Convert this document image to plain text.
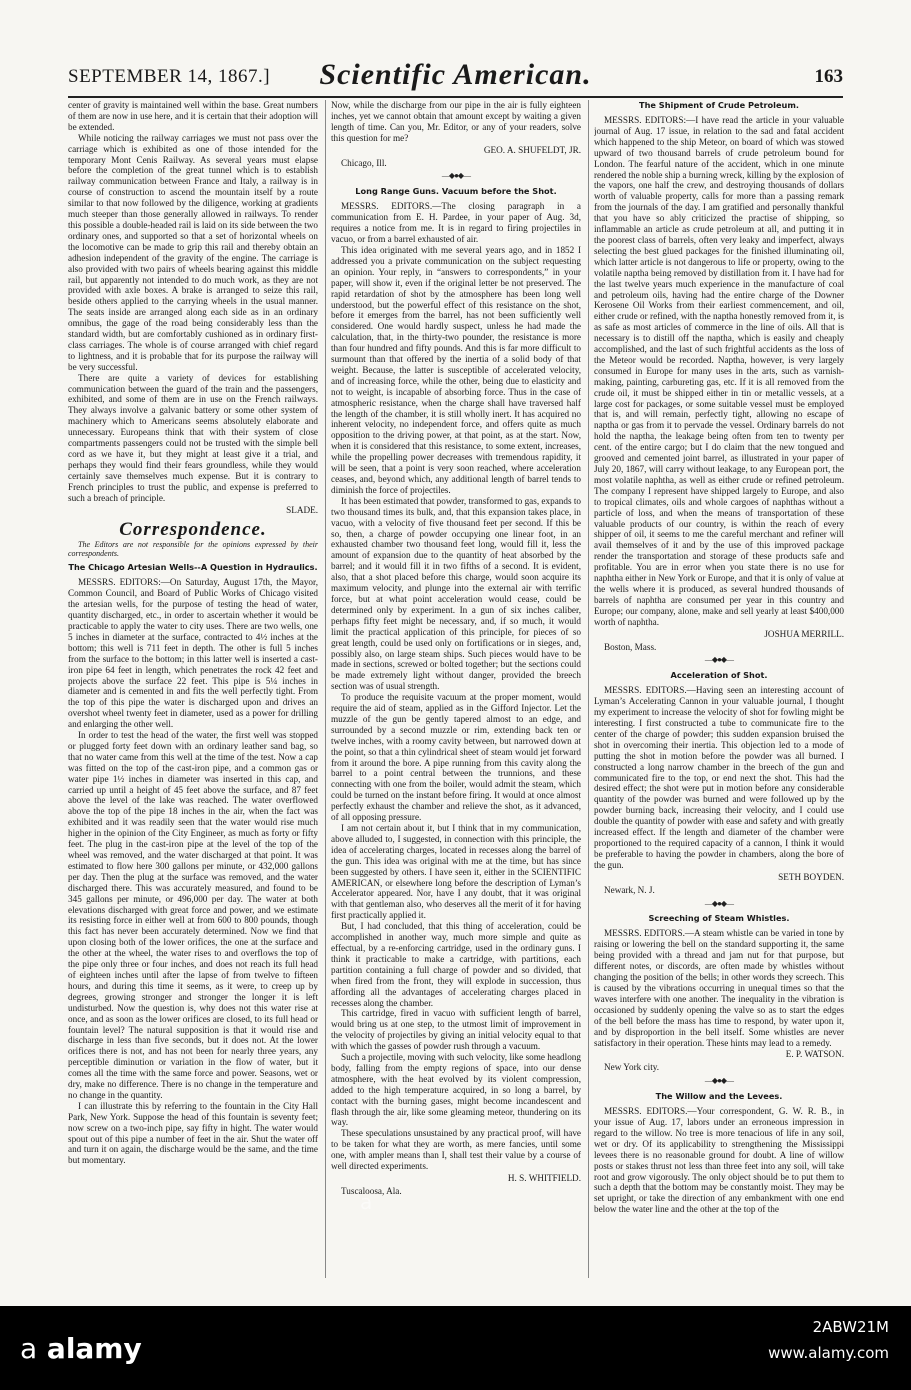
SEPTEMBER 14, 1867.]	Scientific American.	163

center of gravity is maintained well within the base. Great numbers of them are now in use here, and it is certain that their adoption will be extended.

While noticing the railway carriages we must not pass over the carriage which is exhibited as one of those intended for the temporary Mont Cenis Railway. As several years must elapse before the completion of the great tunnel which is to establish railway communication between France and Italy, a railway is in course of construction to ascend the mountain itself by a route similar to that now followed by the diligence, working at gradients much steeper than those generally allowed in railways. To render this possible a double-headed rail is laid on its side between the two ordinary ones, and supported so that a set of horizontal wheels on the locomotive can be made to grip this rail and thereby obtain an adhesion independent of the gravity of the engine. The carriage is also provided with two pairs of wheels bearing against this middle rail, but apparently not intended to do much work, as they are not provided with axle boxes. A brake is arranged to seize this rail, beside others applied to the carrying wheels in the usual manner. The seats inside are arranged along each side as in an ordinary omnibus, the gage of the road being considerably less than the standard width, but are comfortably cushioned as in ordinary first-class carriages. The whole is of course arranged with chief regard to lightness, and it is probable that for its purpose the railway will be very successful.

There are quite a variety of devices for establishing communication between the guard of the train and the passengers, exhibited, and some of them are in use on the French railways. They always involve a galvanic battery or some other system of machinery which to Americans seems absolutely elaborate and unnecessary. Europeans think that with their system of close compartments passengers could not be trusted with the simple bell cord as we have it, but they might at least give it a trial, and perhaps they would find their fears groundless, while they would certainly save themselves much expense. But it is contrary to French principles to trust the public, and expense is preferred to such a breach of principle.

SLADE.
Correspondence.

The Editors are not responsible for the opinions expressed by their correspondents.

The Chicago Artesian Wells--A Question in Hydraulics.

MESSRS. EDITORS:—On Saturday, August 17th, the Mayor, Common Council, and Board of Public Works of Chicago visited the artesian wells, for the purpose of testing the head of water, quantity discharged, etc., in order to ascertain whether it would be practicable to apply the water to city uses. There are two wells, one 5 inches in diameter at the surface, contracted to 4½ inches at the bottom; this well is 711 feet in depth. The other is full 5 inches from the surface to the bottom; in this latter well is inserted a cast-iron pipe 64 feet in length, which penetrates the rock 42 feet and projects above the surface 22 feet. This pipe is 5¼ inches in diameter and is cemented in and fits the well perfectly tight. From the top of this pipe the water is discharged upon and drives an overshot wheel twenty feet in diameter, used as a power for drilling and enlarging the other well.

In order to test the head of the water, the first well was stopped or plugged forty feet down with an ordinary leather sand bag, so that no water came from this well at the time of the test. Now a cap was fitted on the top of the cast-iron pipe, and a common gas or water pipe 1½ inches in diameter was inserted in this cap, and carried up until a height of 45 feet above the surface, and 87 feet above the level of the lake was reached. The water overflowed above the top of the pipe 18 inches in the air, when the fact was exhibited and it was readily seen that the water would rise much higher in the opinion of the City Engineer, as much as forty or fifty feet. The plug in the cast-iron pipe at the level of the top of the wheel was removed, and the water discharged at that point. It was estimated to flow here 300 gallons per minute, or 432,000 gallons per day. Then the plug at the surface was removed, and the water discharged there. This was accurately measured, and found to be 345 gallons per minute, or 496,000 per day. The water at both elevations discharged with great force and power, and we estimate its resisting force in either well at from 600 to 800 pounds, though this fact has never been accurately determined. Now we find that upon closing both of the lower orifices, the one at the surface and the other at the wheel, the water rises to and overflows the top of the pipe only three or four inches, and does not reach its full head of eighteen inches until after the lapse of from twelve to fifteen hours, and during this time it seems, as it were, to creep up by degrees, growing stronger and stronger the longer it is left undisturbed. Now the question is, why does not this water rise at once, and as soon as the lower orifices are closed, to its full head or fountain level? The natural supposition is that it would rise and discharge in less than five seconds, but it does not. At the lower orifices there is not, and has not been for nearly three years, any perceptible diminution or variation in the flow of water, but it comes all the time with the same force and power. Seasons, wet or dry, make no difference. There is no change in the temperature and no change in the quantity.

I can illustrate this by referring to the fountain in the City Hall Park, New York. Suppose the head of this fountain is seventy feet; now screw on a two-inch pipe, say fifty in hight. The water would spout out of this pipe a number of feet in the air. Shut the water off and turn it on again, the discharge would be the same, and the time but momentary.

Now, while the discharge from our pipe in the air is fully eighteen inches, yet we cannot obtain that amount except by waiting a given length of time. Can you, Mr. Editor, or any of your readers, solve this question for me?

GEO. A. SHUFELDT, JR.

Chicago, Ill.

—◆●◆—
Long Range Guns. Vacuum before the Shot.

MESSRS. EDITORS.—The closing paragraph in a communication from E. H. Pardee, in your paper of Aug. 3d, requires a notice from me. It is in regard to firing projectiles in vacuo, or from a barrel exhausted of air.

This idea originated with me several years ago, and in 1852 I addressed you a private communication on the subject requesting an opinion. Your reply, in “answers to correspondents,” in your paper, will show it, even if the original letter be not preserved. The rapid retardation of shot by the atmosphere has been long well understood, but the powerful effect of this resistance on the shot, before it emerges from the barrel, has not been sufficiently well considered. One would hardly suspect, unless he had made the calculation, that, in the thirty-two pounder, the resistance is more than four hundred and fifty pounds. And this is far more difficult to surmount than that offered by the inertia of a solid body of that weight. Because, the latter is susceptible of accelerated velocity, and of increasing force, while the other, being due to elasticity and not to weight, is incapable of absorbing force. Thus in the case of atmospheric resistance, when the charge shall have traversed half the length of the chamber, it is still wholly inert. It has acquired no inherent velocity, no independent force, and offers quite as much opposition to the driving power, at that point, as at the start. Now, when it is considered that this resistance, to some extent, increases, while the propelling power decreases with tremendous rapidity, it will be seen, that a point is very soon reached, where acceleration ceases, and, beyond which, any additional length of barrel tends to diminish the force of projectiles.

It has been estimated that powder, transformed to gas, expands to two thousand times its bulk, and, that this expansion takes place, in vacuo, with a velocity of five thousand feet per second. If this be so, then, a charge of powder occupying one linear foot, in an exhausted chamber two thousand feet long, would fill it, less the amount of expansion due to the quantity of heat absorbed by the barrel; and it would fill it in two fifths of a second. It is evident, also, that a shot placed before this charge, would soon acquire its maximum velocity, and plunge into the external air with terrific force, but at what point acceleration would cease, could be determined only by experiment. In a gun of six inches caliber, perhaps fifty feet might be necessary, and, if so much, it would limit the practical application of this principle, for pieces of so great length, could be used only on fortifications or in sieges, and, possibly also, on large steam ships. Such pieces would have to be made in sections, screwed or bolted together; but the sections could be made extremely light without danger, provided the breech section was of usual strength.

To produce the requisite vacuum at the proper moment, would require the aid of steam, applied as in the Gifford Injector. Let the muzzle of the gun be gently tapered almost to an edge, and surrounded by a second muzzle or rim, extending back ten or twelve inches, with a roomy cavity between, but narrowed down at the point, so that a thin cylindrical sheet of steam would jet forward from it around the bore. A pipe running from this cavity along the barrel to a point central between the trunnions, and these connecting with one from the boiler, would admit the steam, which could be turned on the instant before firing. It would at once almost perfectly exhaust the chamber and relieve the shot, as it advanced, of all opposing pressure.

I am not certain about it, but I think that in my communication, above alluded to, I suggested, in connection with this principle, the idea of accelerating charges, located in recesses along the barrel of the gun. This idea was original with me at the time, but has since been suggested by others. I have seen it, either in the SCIENTIFIC AMERICAN, or elsewhere long before the description of Lyman’s Accelerator appeared. Nor, have I any doubt, that it was original with that gentleman also, who deserves all the merit of it for having first practically applied it.

But, I had concluded, that this thing of acceleration, could be accomplished in another way, much more simple and quite as effectual, by a re-enforcing cartridge, used in the ordinary guns. I think it practicable to make a cartridge, with partitions, each partition containing a full charge of powder and so divided, that when fired from the front, they will explode in succession, thus affording all the advantages of accelerating charges placed in recesses along the chamber.

This cartridge, fired in vacuo with sufficient length of barrel, would bring us at one step, to the utmost limit of improvement in the velocity of projectiles by giving an initial velocity equal to that with which the gasses of powder rush through a vacuum.

Such a projectile, moving with such velocity, like some headlong body, falling from the empty regions of space, into our dense atmosphere, with the heat evolved by its violent compression, added to the high temperature acquired, in so long a barrel, by contact with the burning gases, might become incandescent and flash through the air, like some gleaming meteor, thundering on its way.

These speculations unsustained by any practical proof, will have to be taken for what they are worth, as mere fancies, until some one, with ampler means than I, shall test their value by a course of well directed experiments.

H. S. WHITFIELD.

Tuscaloosa, Ala.

The Shipment of Crude Petroleum.

MESSRS. EDITORS:—I have read the article in your valuable journal of Aug. 17 issue, in relation to the sad and fatal accident which happened to the ship Meteor, on board of which was stowed upward of two thousand barrels of crude petroleum bound for London. The fearful nature of the accident, which in one minute rendered the noble ship a burning wreck, killing by the explosion of the vapors, one half the crew, and destroying thousands of dollars worth of valuable property, calls for more than a passing remark from the journals of the day. I am gratified and personally thankful that you have so ably criticized the practise of shipping, so inflammable an article as crude petroleum at all, and putting it in the poorest class of barrels, often very leaky and imperfect, always selecting the best glued packages for the finished illuminating oil, which latter article is not dangerous to life or property, owing to the volatile naptha being removed by distillation from it. I have had for the last twelve years much experience in the manufacture of coal and petroleum oils, having had the entire charge of the Downer Kerosene Oil Works from their earliest commencement, and oil, either crude or refined, with the naptha honestly removed from it, is as safe as most articles of commerce in the line of oils. All that is necessary is to distill off the naptha, which is easily and cheaply accomplished, and the last of such frightful accidents as the loss of the Meteor would be recorded. Naptha, however, is very largely consumed in Europe for many uses in the arts, such as varnish-making, painting, carbureting gas, etc. If it is all removed from the crude oil, it must be shipped either in tin or metallic vessels, at a large cost for packages, or some suitable vessel must be employed that is, and will remain, perfectly tight, allowing no escape of naptha or gas from it to pervade the vessel. Ordinary barrels do not hold the naptha, the leakage being often from ten to twenty per cent. of the entire cargo; but I do claim that the new tongued and grooved and cemented joint barrel, as illustrated in your paper of July 20, 1867, will carry without leakage, to any European port, the most volatile naphtha, as well as either crude or refined petroleum. The company I represent have shipped largely to Europe, and also to tropical climates, oils and whole cargoes of naphthas without a particle of loss, and when the means of transportation of these valuable products of our country, is within the reach of every shipper of oil, it seems to me the careful merchant and refiner will avail themselves of it and by the use of this improved package render the transportation and storage of these products safe and profitable. You are in error when you state there is no use for naphtha either in New York or Europe, and that it is only of value at the wells where it is produced, as several hundred thousands of barrels of naphtha are consumed per year in this country and Europe; our company, alone, make and sell yearly at least $400,000 worth of naphtha.

JOSHUA MERRILL.

Boston, Mass.

—◆●◆—
Acceleration of Shot.

MESSRS. EDITORS.—Having seen an interesting account of Lyman’s Accelerating Cannon in your valuable journal, I thought my experiment to increase the velocity of shot for fowling might be interesting. I first constructed a tube to communicate fire to the center of the charge of powder; this sudden expansion bruised the shot in overcoming their inertia. This objection led to a mode of putting the shot in motion before the powder was all burned. I constructed a long narrow chamber in the breech of the gun and communicated fire to the top, or end next the shot. This had the desired effect; the shot were put in motion before any considerable quantity of the powder was burned and were followed up by the powder burning back, increasing their velocity, and I could use double the quantity of powder with ease and safety and with greatly increased effect. If the length and diameter of the chamber were proportioned to the required capacity of a cannon, I think it would be preferable to having the powder in chambers, along the bore of the gun.

SETH BOYDEN.

Newark, N. J.

—◆●◆—
Screeching of Steam Whistles.

MESSRS. EDITORS.—A steam whistle can be varied in tone by raising or lowering the bell on the standard supporting it, the same being provided with a thread and jam nut for that purpose, but different notes, or discords, are often made by whistles without changing the position of the bells; in other words they screech. This is caused by the vibrations occurring in unequal times so that the waves interfere with one another. The inequality in the vibration is occasioned by suddenly opening the valve so as to start the edges of the bell before the mass has time to respond, by water upon it, and by disproportion in the bell itself. Some whistles are never satisfactory in their operation. These hints may lead to a remedy.

E. P. WATSON.

New York city.

—◆●◆—
The Willow and the Levees.

MESSRS. EDITORS.—Your correspondent, G. W. R. B., in your issue of Aug. 17, labors under an erroneous impression in regard to the willow. No tree is more tenacious of life in any soil, wet or dry. Of its applicability to strengthening the Mississippi levees there is no reasonable ground for doubt. A line of willow posts or stakes thrust not less than three feet into any soil, will take root and grow vigorously. The only object should be to put them to such a depth that the bottom may be constantly moist. They may be set upright, or take the direction of any embankment with one end below the water line and the other at the top of the

a
a alamy
2ABW21M
www.alamy.com
